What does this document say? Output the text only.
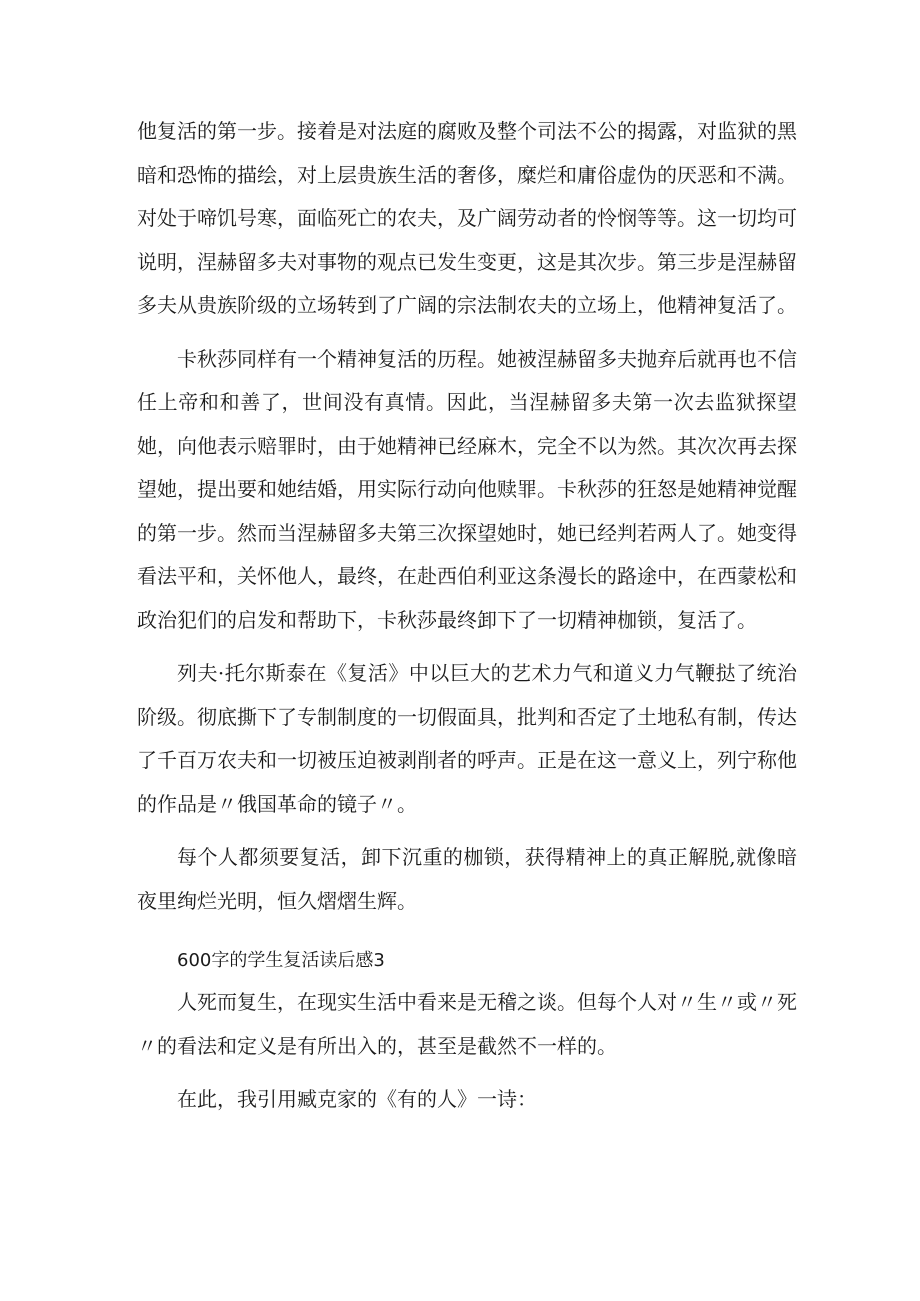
他复活的第一步。接着是对法庭的腐败及整个司法不公的揭露，对监狱的黑暗和恐怖的描绘，对上层贵族生活的奢侈，糜烂和庸俗虚伪的厌恶和不满。对处于啼饥号寒，面临死亡的农夫，及广阔劳动者的怜悯等等。这一切均可说明，涅赫留多夫对事物的观点已发生变更，这是其次步。第三步是涅赫留多夫从贵族阶级的立场转到了广阔的宗法制农夫的立场上，他精神复活了。

卡秋莎同样有一个精神复活的历程。她被涅赫留多夫抛弃后就再也不信任上帝和和善了，世间没有真情。因此，当涅赫留多夫第一次去监狱探望她，向他表示赔罪时，由于她精神已经麻木，完全不以为然。其次次再去探望她，提出要和她结婚，用实际行动向他赎罪。卡秋莎的狂怒是她精神觉醒的第一步。然而当涅赫留多夫第三次探望她时，她已经判若两人了。她变得看法平和，关怀他人，最终，在赴西伯利亚这条漫长的路途中，在西蒙松和政治犯们的启发和帮助下，卡秋莎最终卸下了一切精神枷锁，复活了。

列夫·托尔斯泰在《复活》中以巨大的艺术力气和道义力气鞭挞了统治阶级。彻底撕下了专制制度的一切假面具，批判和否定了土地私有制，传达了千百万农夫和一切被压迫被剥削者的呼声。正是在这一意义上，列宁称他的作品是〃俄国革命的镜子〃。

每个人都须要复活，卸下沉重的枷锁，获得精神上的真正解脱,就像暗夜里绚烂光明，恒久熠熠生辉。

600字的学生复活读后感3

人死而复生，在现实生活中看来是无稽之谈。但每个人对〃生〃或〃死〃的看法和定义是有所出入的，甚至是截然不一样的。

在此，我引用臧克家的《有的人》一诗：
